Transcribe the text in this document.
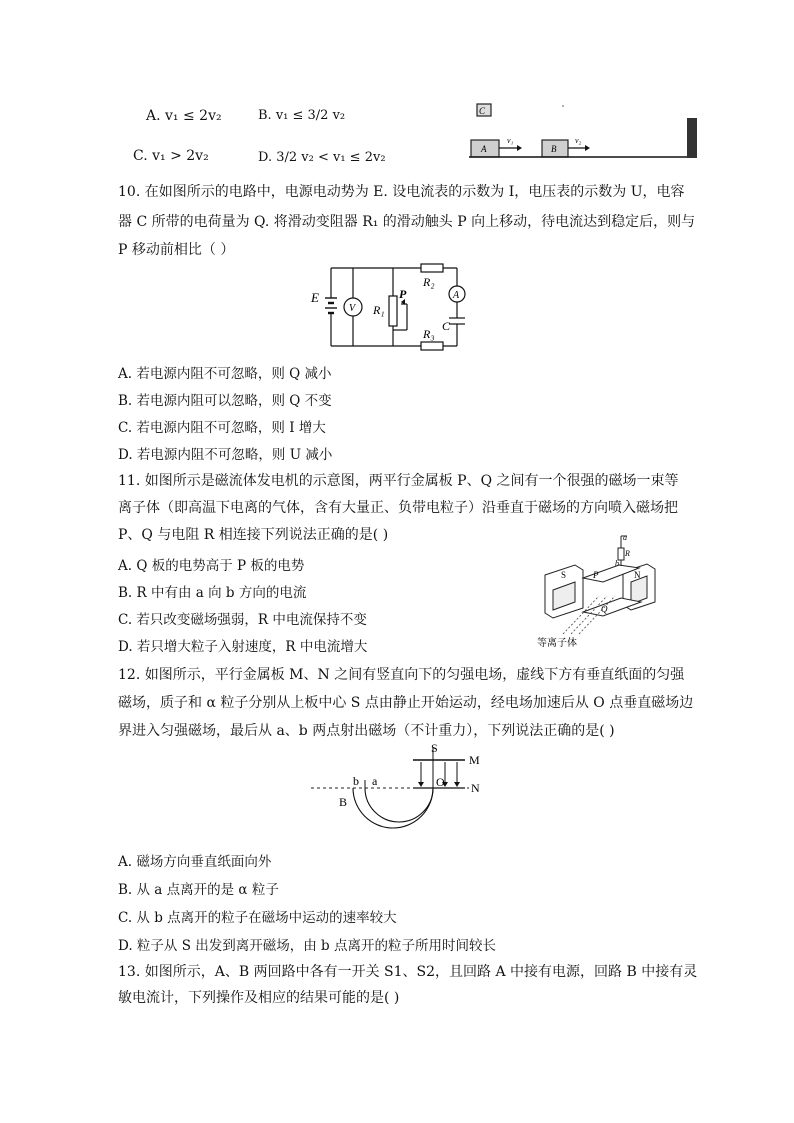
A. v₁ ≤ 2v₂	B. v₁ ≤ 3/2 v₂
C. v₁ > 2v₂	D. 3/2 v₂ < v₁ ≤ 2v₂
C
A
v₁
B
v₂
10. 在如图所示的电路中，电源电动势为 E. 设电流表的示数为 I，电压表的示数为 U，电容
器 C 所带的电荷量为 Q. 将滑动变阻器 R₁ 的滑动触头 P 向上移动，待电流达到稳定后，则与
P 移动前相比（ ）
V
A
E
R₁
P
R₂
R₃
C
A. 若电源内阻不可忽略，则 Q 减小
B. 若电源内阻可以忽略，则 Q 不变
C. 若电源内阻不可忽略，则 I 增大
D. 若电源内阻不可忽略，则 U 减小
11. 如图所示是磁流体发电机的示意图，两平行金属板 P、Q 之间有一个很强的磁场一束等
离子体（即高温下电离的气体，含有大量正、负带电粒子）沿垂直于磁场的方向喷入磁场把
P、Q 与电阻 R 相连接下列说法正确的是( )
A. Q 板的电势高于 P 板的电势
B. R 中有由 a 向 b 方向的电流
C. 若只改变磁场强弱，R 中电流保持不变
D. 若只增大粒子入射速度，R 中电流增大
S	P	N
Q
a
R
b
等离子体
12. 如图所示，平行金属板 M、N 之间有竖直向下的匀强电场，虚线下方有垂直纸面的匀强
磁场，质子和 α 粒子分别从上板中心 S 点由静止开始运动，经电场加速后从 O 点垂直磁场边
界进入匀强磁场，最后从 a、b 两点射出磁场（不计重力），下列说法正确的是( )
S
M
N
O
a
b
B
A. 磁场方向垂直纸面向外
B. 从 a 点离开的是 α 粒子
C. 从 b 点离开的粒子在磁场中运动的速率较大
D. 粒子从 S 出发到离开磁场，由 b 点离开的粒子所用时间较长
13. 如图所示，A、B 两回路中各有一开关 S1、S2，且回路 A 中接有电源，回路 B 中接有灵
敏电流计，下列操作及相应的结果可能的是( )
